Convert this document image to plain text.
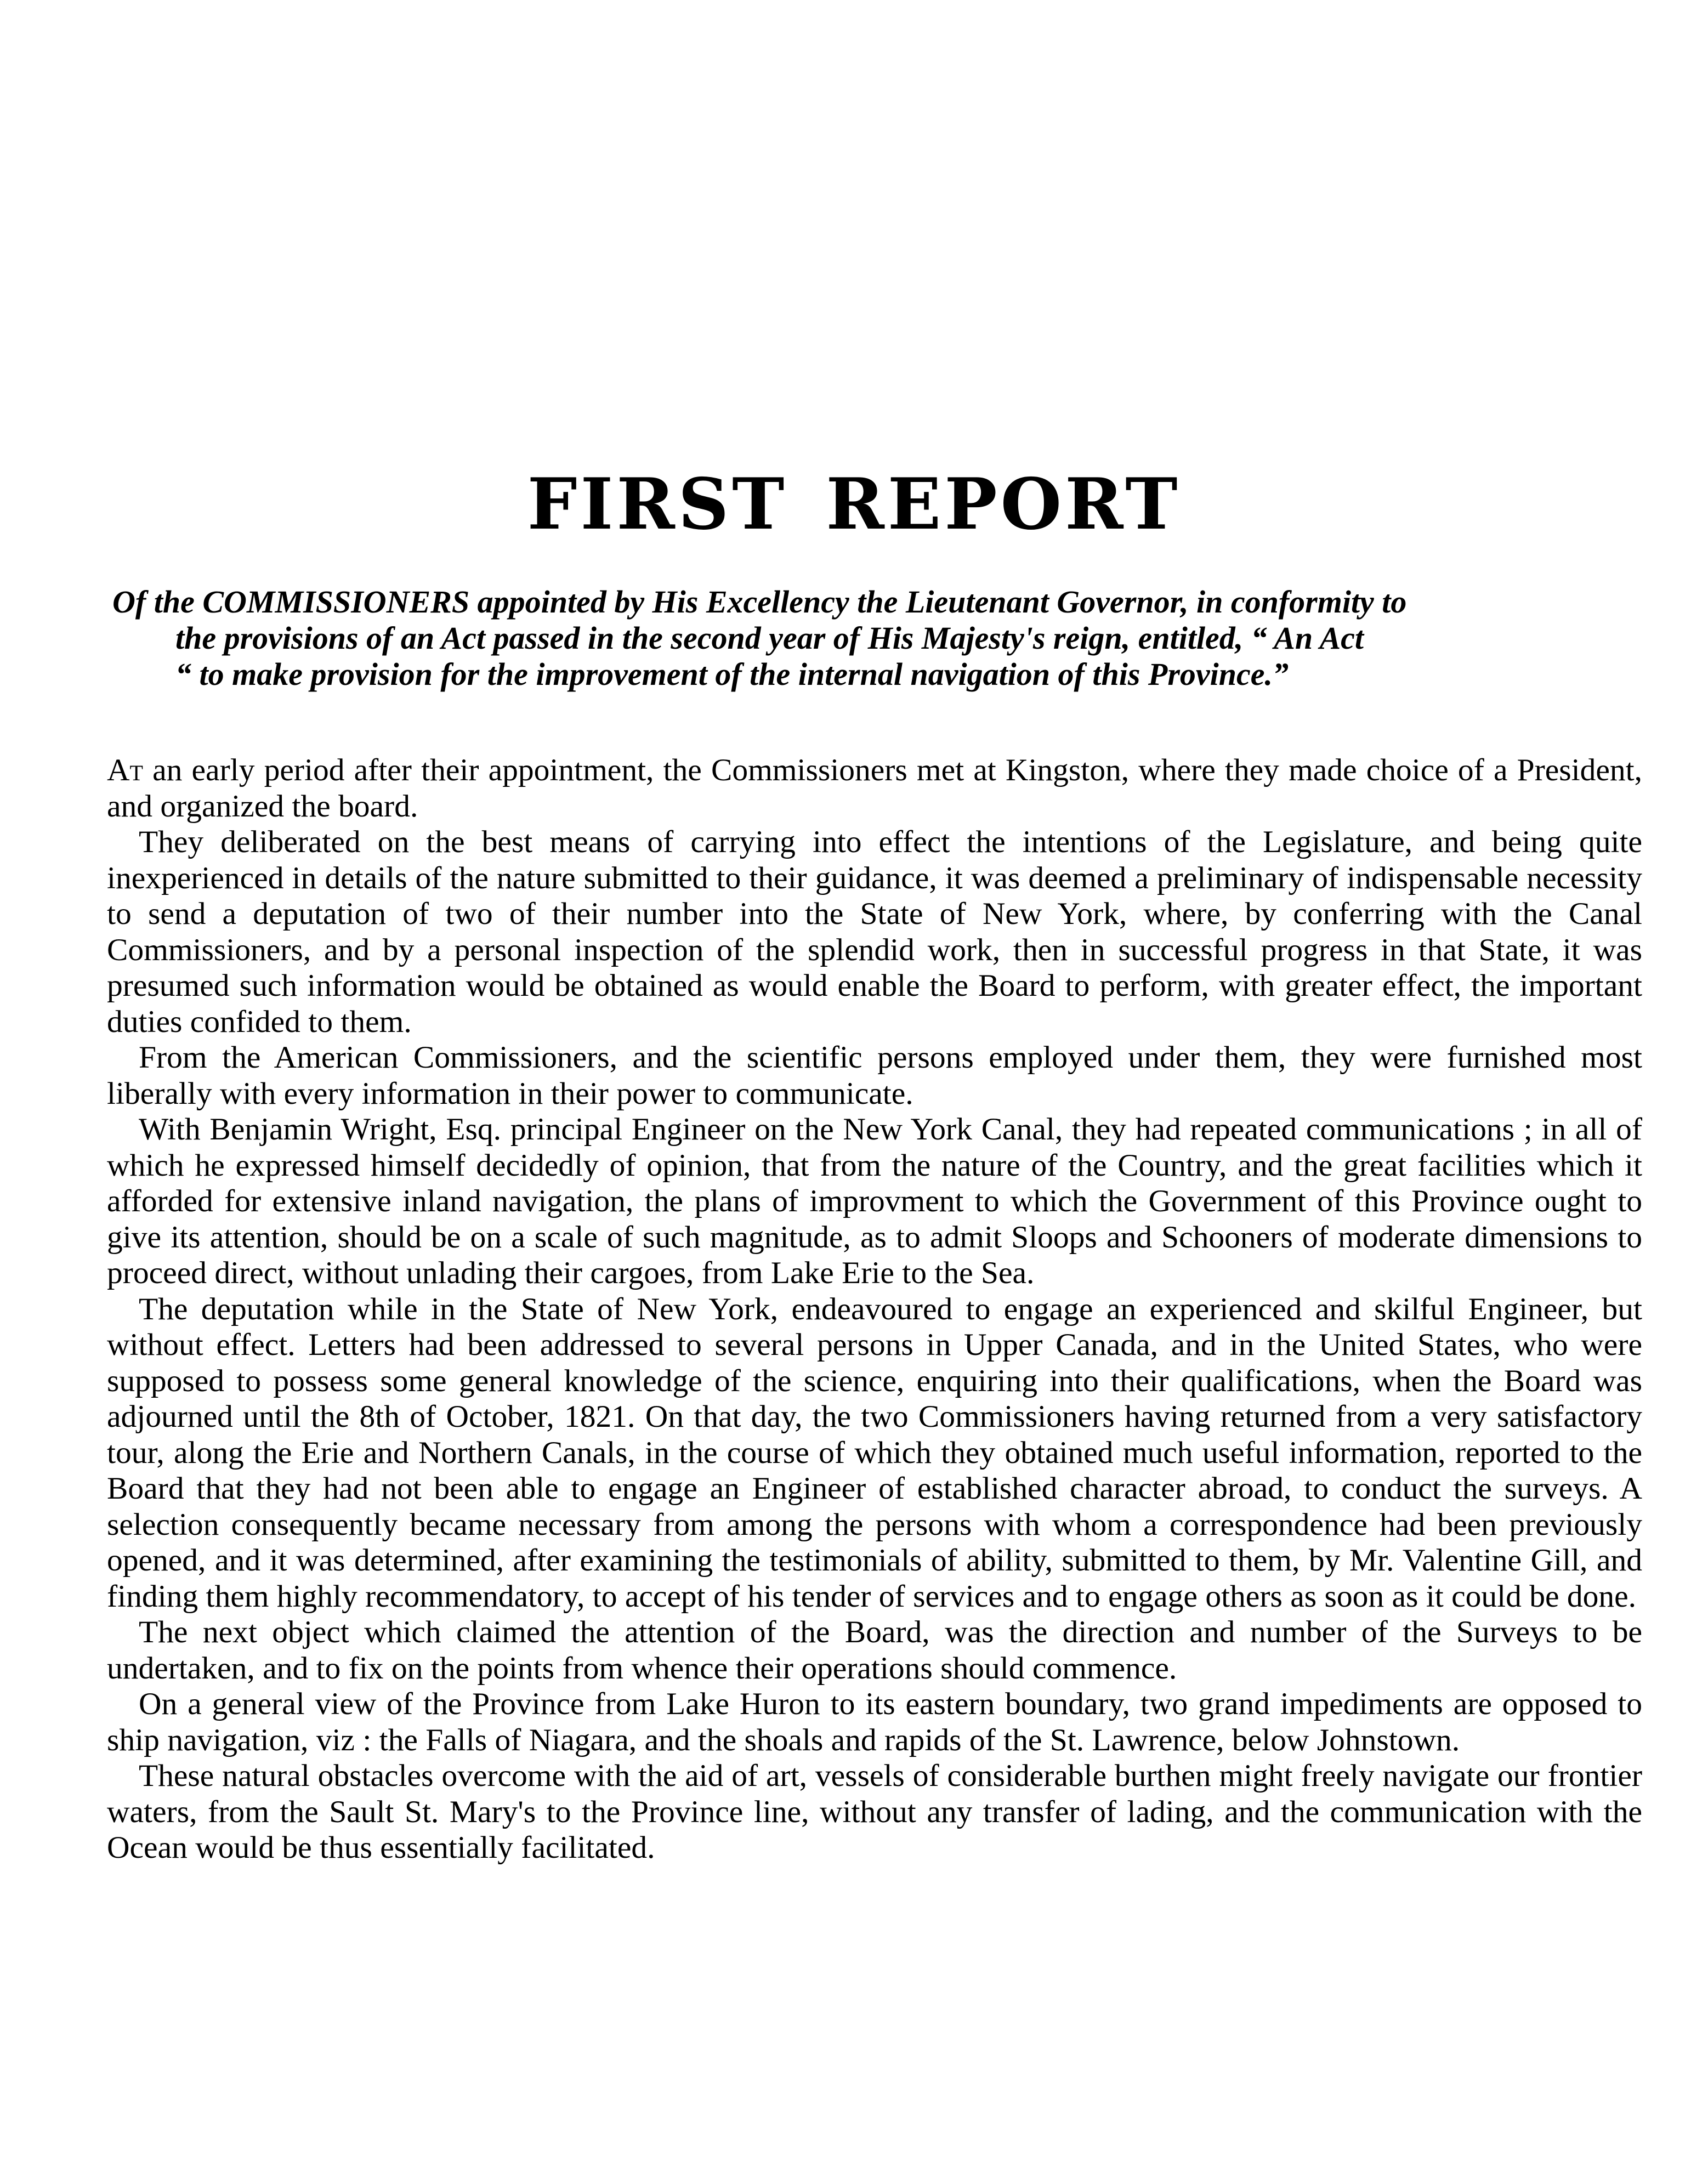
FIRST REPORT
Of the COMMISSIONERS appointed by His Excellency the Lieutenant Governor, in conformity to
the provisions of an Act passed in the second year of His Majesty's reign, entitled, “ An Act
“ to make provision for the improvement of the internal navigation of this Province.”

At an early period after their appointment, the Commissioners met at Kingston, where they made choice of a President, and organized the board.

They deliberated on the best means of carrying into effect the intentions of the Legislature, and being quite inexperienced in details of the nature submitted to their guidance, it was deemed a preliminary of indispensable necessity to send a deputation of two of their number into the State of New York, where, by conferring with the Canal Commissioners, and by a personal inspection of the splendid work, then in successful progress in that State, it was presumed such information would be obtained as would enable the Board to perform, with greater effect, the important duties confided to them.

From the American Commissioners, and the scientific persons employed under them, they were furnished most liberally with every information in their power to communicate.

With Benjamin Wright, Esq. principal Engineer on the New York Canal, they had repeated communications ; in all of which he expressed himself decidedly of opinion, that from the nature of the Country, and the great facilities which it afforded for extensive inland navigation, the plans of improvment to which the Government of this Province ought to give its attention, should be on a scale of such magnitude, as to admit Sloops and Schooners of moderate dimensions to proceed direct, without unlading their cargoes, from Lake Erie to the Sea.

The deputation while in the State of New York, endeavoured to engage an experienced and skilful Engineer, but without effect. Letters had been addressed to several persons in Upper Canada, and in the United States, who were supposed to possess some general knowledge of the science, enquiring into their qualifications, when the Board was adjourned until the 8th of October, 1821. On that day, the two Commissioners having returned from a very satisfactory tour, along the Erie and Northern Canals, in the course of which they obtained much useful information, reported to the Board that they had not been able to engage an Engineer of established character abroad, to conduct the surveys. A selection consequently became necessary from among the persons with whom a correspondence had been previously opened, and it was determined, after examining the testimonials of ability, submitted to them, by Mr. Valentine Gill, and finding them highly recommendatory, to accept of his tender of services and to engage others as soon as it could be done.

The next object which claimed the attention of the Board, was the direction and number of the Surveys to be undertaken, and to fix on the points from whence their operations should commence.

On a general view of the Province from Lake Huron to its eastern boundary, two grand impediments are opposed to ship navigation, viz : the Falls of Niagara, and the shoals and rapids of the St. Lawrence, below Johnstown.

These natural obstacles overcome with the aid of art, vessels of considerable burthen might freely navigate our frontier waters, from the Sault St. Mary's to the Province line, without any transfer of lading, and the communication with the Ocean would be thus essentially facilitated.
